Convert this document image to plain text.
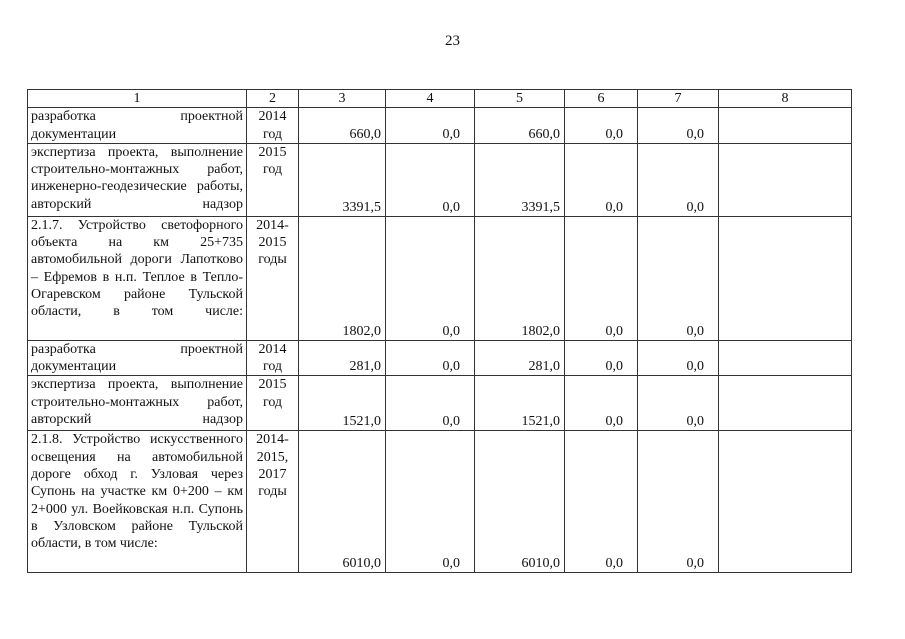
23
1	2	3	4	5	6	7	8
разработка проектной документации	2014 год	660,0	0,0	660,0	0,0	0,0	
экспертиза проекта, выполнение строительно-монтажных работ, инженерно-геодезические работы, авторский надзор	2015 год	3391,5	0,0	3391,5	0,0	0,0	
2.1.7. Устройство светофорного объекта на км 25+735 автомобильной дороги Лапотково – Ефремов в н.п. Теплое в Тепло-Огаревском районе Тульской области, в том числе:	2014-2015 годы	1802,0	0,0	1802,0	0,0	0,0	
разработка проектной документации	2014 год	281,0	0,0	281,0	0,0	0,0	
экспертиза проекта, выполнение строительно-монтажных работ, авторский надзор	2015 год	1521,0	0,0	1521,0	0,0	0,0	
2.1.8. Устройство искусственного освещения на автомобильной дороге обход г. Узловая через Супонь на участке км 0+200 – км 2+000 ул. Воейковская н.п. Супонь в Узловском районе Тульской области, в том числе:	2014-2015, 2017 годы	6010,0	0,0	6010,0	0,0	0,0	
